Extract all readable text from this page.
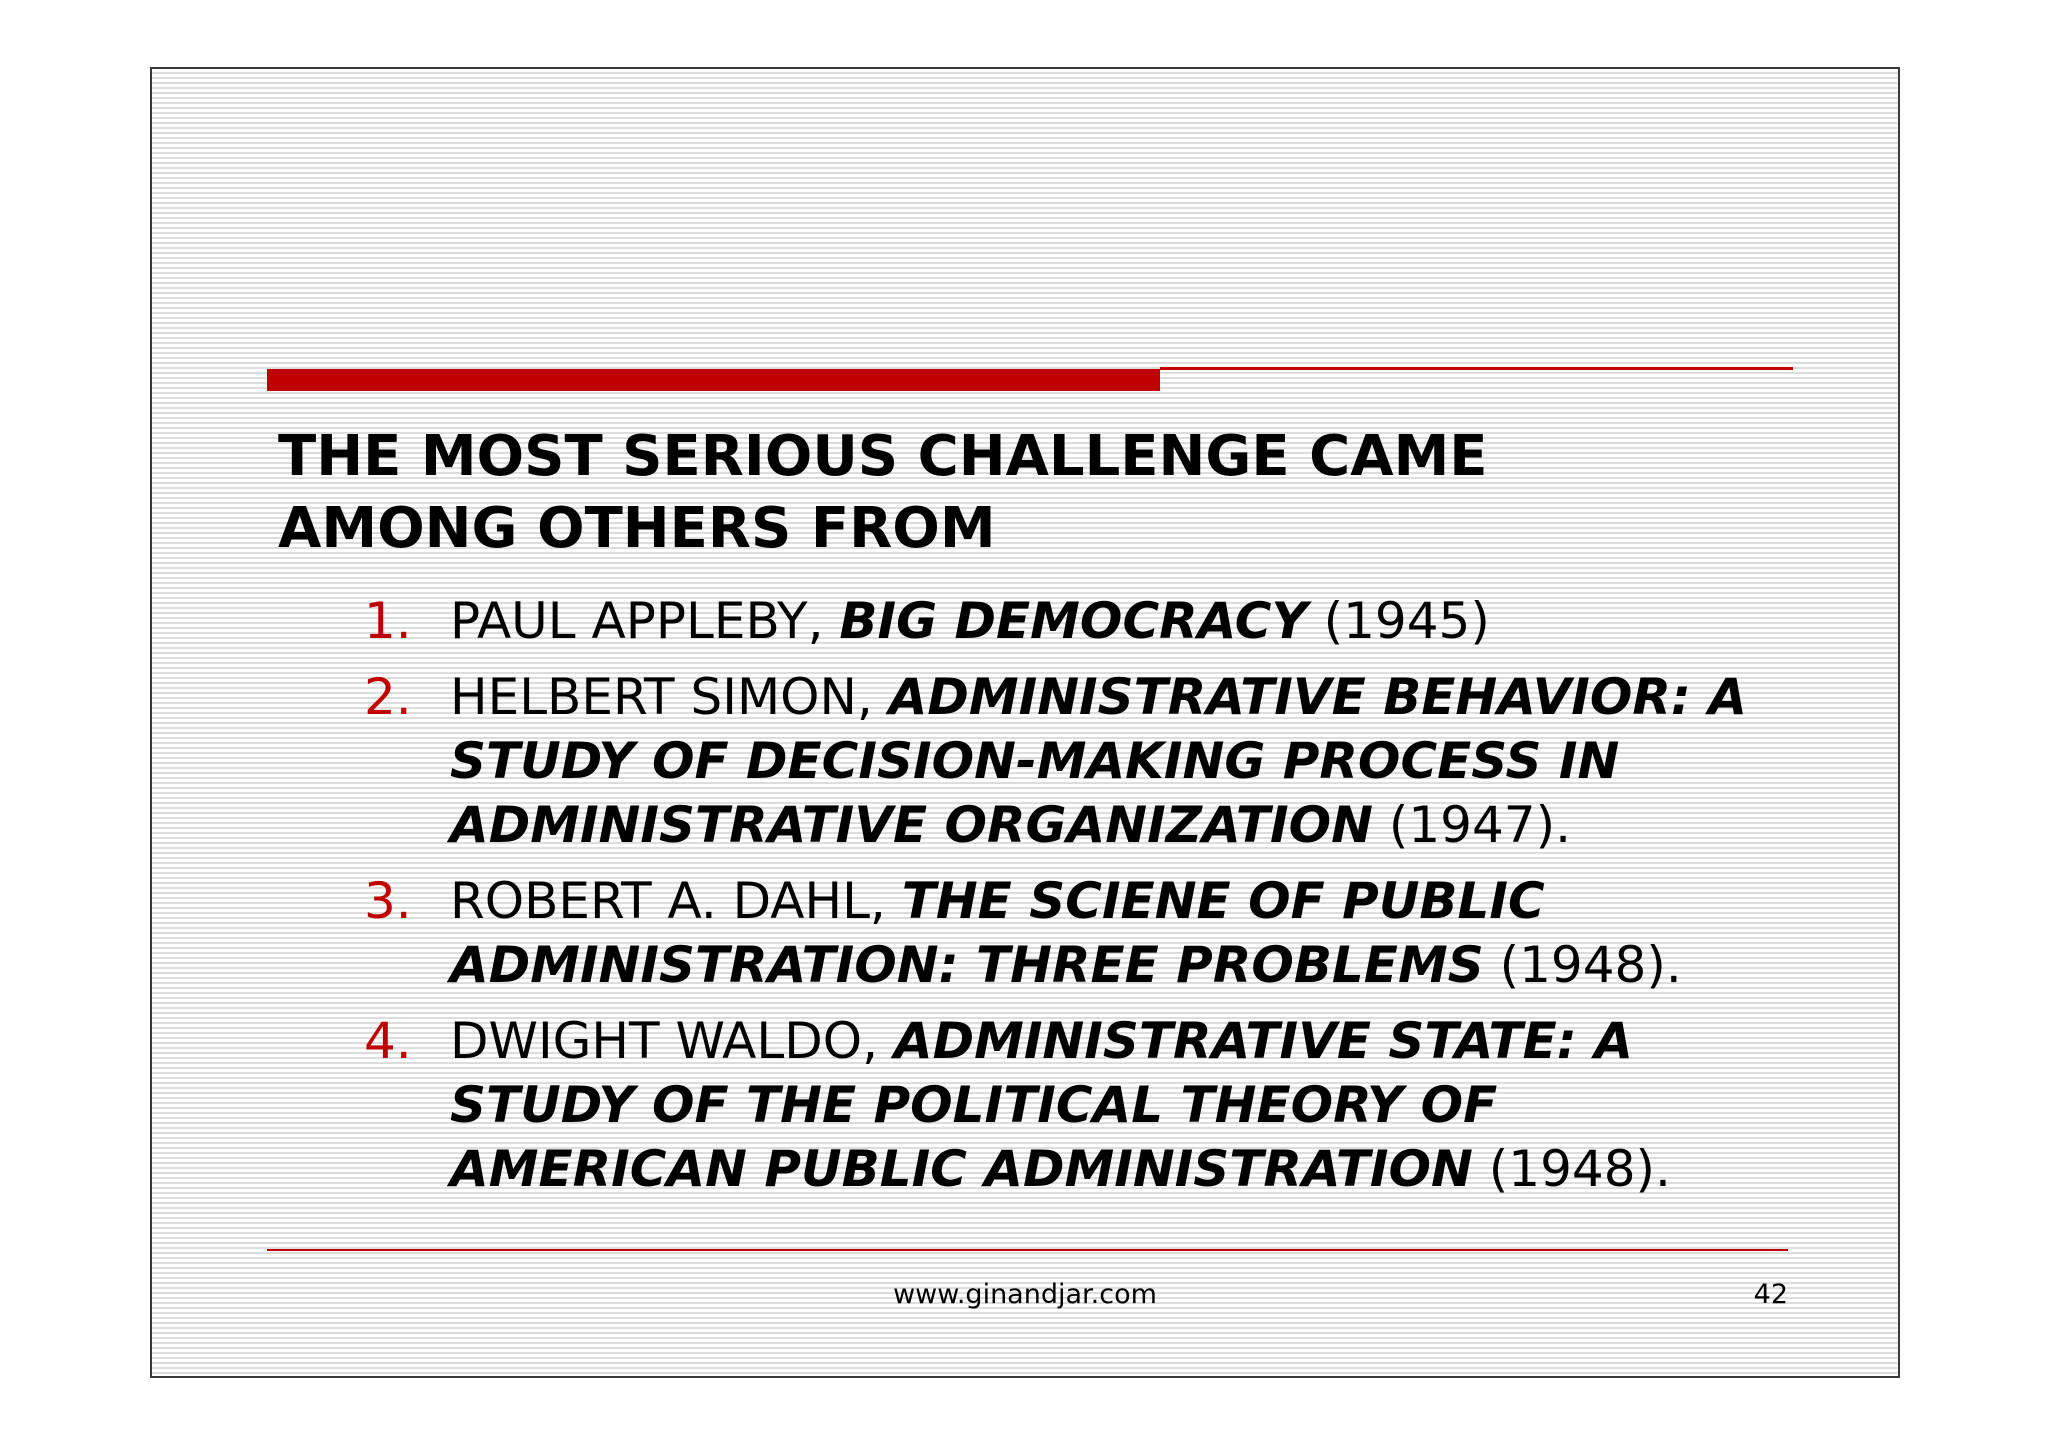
THE MOST SERIOUS CHALLENGE CAME
AMONG OTHERS FROM
1. PAUL APPLEBY, BIG DEMOCRACY (1945)
2. HELBERT SIMON, ADMINISTRATIVE BEHAVIOR: A STUDY OF DECISION-MAKING PROCESS IN ADMINISTRATIVE ORGANIZATION (1947).
3. ROBERT A. DAHL, THE SCIENE OF PUBLIC ADMINISTRATION: THREE PROBLEMS (1948).
4. DWIGHT WALDO, ADMINISTRATIVE STATE: A STUDY OF THE POLITICAL THEORY OF AMERICAN PUBLIC ADMINISTRATION (1948).
www.ginandjar.com	42
